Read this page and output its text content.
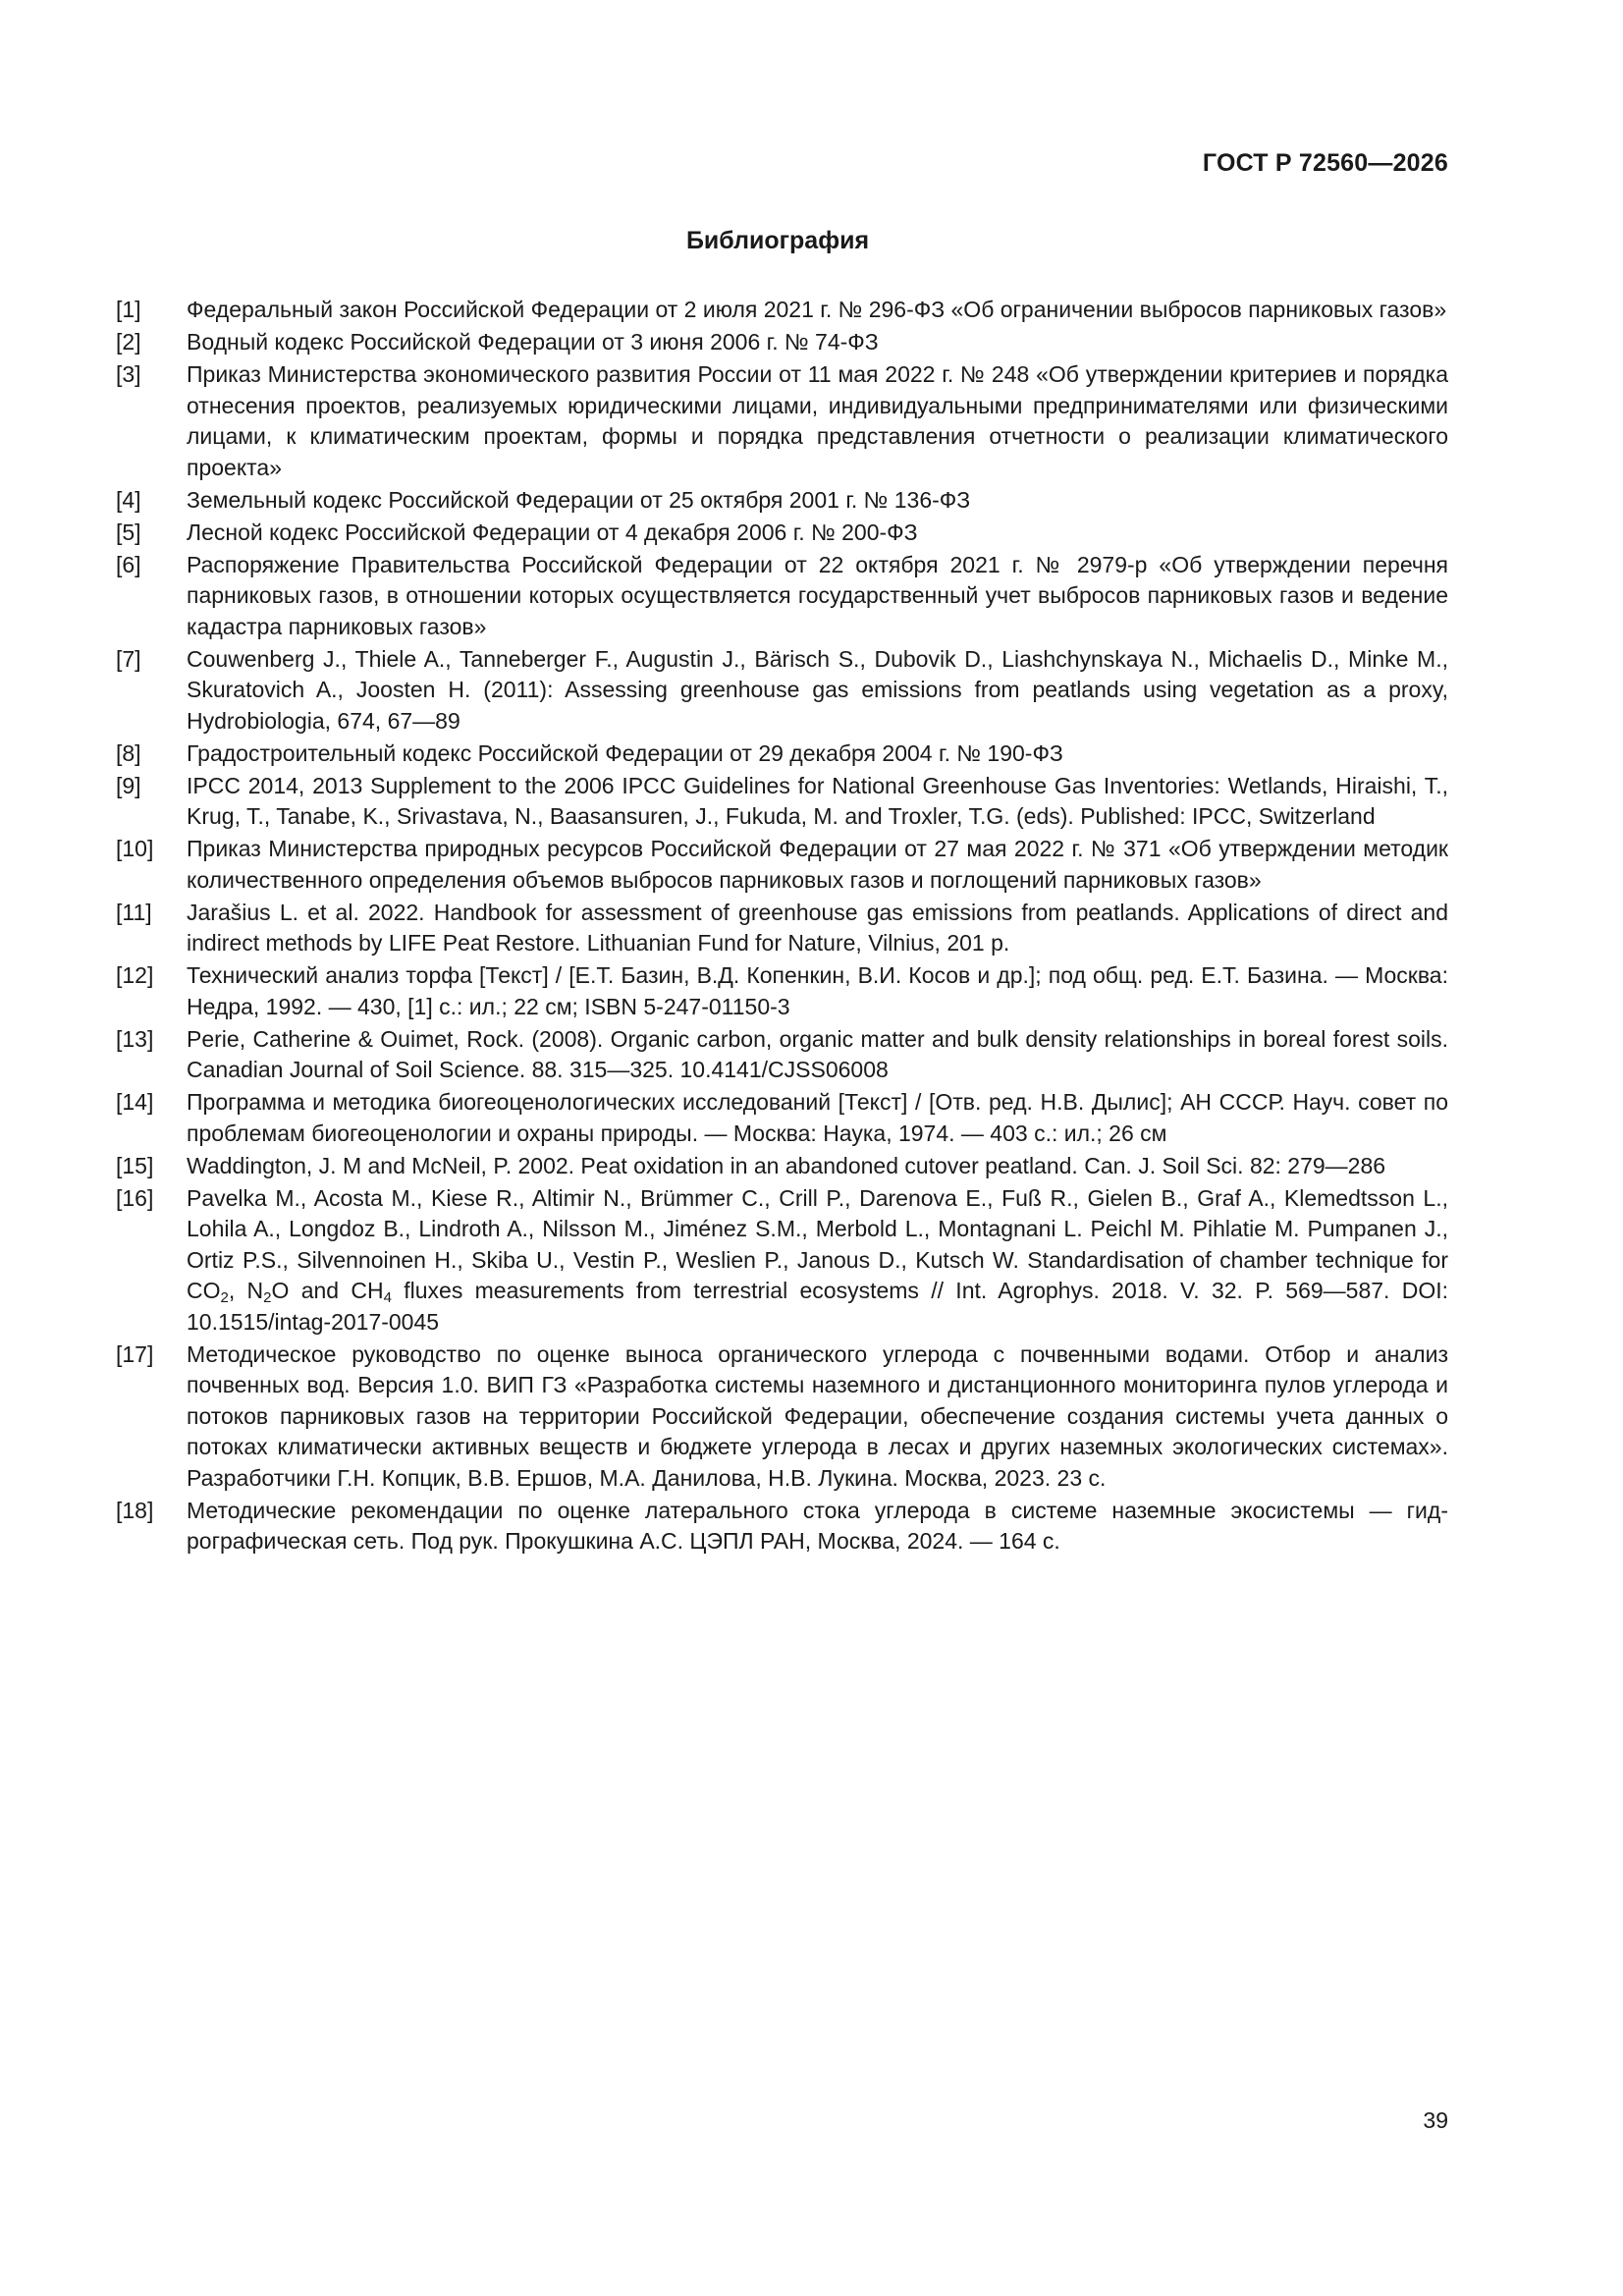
ГОСТ Р 72560—2026
Библиография
[1]	Федеральный закон Российской Федерации от 2 июля 2021 г. № 296-ФЗ «Об ограничении выбросов парниковых газов»
[2]	Водный кодекс Российской Федерации от 3 июня 2006 г. № 74-ФЗ
[3]	Приказ Министерства экономического развития России от 11 мая 2022 г. № 248 «Об утверждении критериев и порядка отнесения проектов, реализуемых юридическими лицами, индивидуальными предпринимателями или физическими лицами, к климатическим проектам, формы и порядка представления отчетности о реализации климатического проекта»
[4]	Земельный кодекс Российской Федерации от 25 октября 2001 г. № 136-ФЗ
[5]	Лесной кодекс Российской Федерации от 4 декабря 2006 г. № 200-ФЗ
[6]	Распоряжение Правительства Российской Федерации от 22 октября 2021 г. № 2979-р «Об утверждении перечня парниковых газов, в отношении которых осуществляется государственный учет выбросов парниковых газов и ведение кадастра парниковых газов»
[7]	Couwenberg J., Thiele A., Tanneberger F., Augustin J., Bärisch S., Dubovik D., Liashchynskaya N., Michaelis D., Minke M., Skuratovich A., Joosten H. (2011): Assessing greenhouse gas emissions from peatlands using vegetation as a proxy, Hydrobiologia, 674, 67—89
[8]	Градостроительный кодекс Российской Федерации от 29 декабря 2004 г. № 190-ФЗ
[9]	IPCC 2014, 2013 Supplement to the 2006 IPCC Guidelines for National Greenhouse Gas Inventories: Wetlands, Hiraishi, T., Krug, T., Tanabe, K., Srivastava, N., Baasansuren, J., Fukuda, M. and Troxler, T.G. (eds). Published: IPCC, Switzerland
[10]	Приказ Министерства природных ресурсов Российской Федерации от 27 мая 2022 г. № 371 «Об утверждении методик количественного определения объемов выбросов парниковых газов и поглощений парниковых газов»
[11]	Jarašius L. et al. 2022. Handbook for assessment of greenhouse gas emissions from peatlands. Applications of direct and indirect methods by LIFE Peat Restore. Lithuanian Fund for Nature, Vilnius, 201 p.
[12]	Технический анализ торфа [Текст] / [Е.Т. Базин, В.Д. Копенкин, В.И. Косов и др.]; под общ. ред. Е.Т. Базина. — Москва: Недра, 1992. — 430, [1] с.: ил.; 22 см; ISBN 5-247-01150-3
[13]	Perie, Catherine & Ouimet, Rock. (2008). Organic carbon, organic matter and bulk density relationships in boreal forest soils. Canadian Journal of Soil Science. 88. 315—325. 10.4141/CJSS06008
[14]	Программа и методика биогеоценологических исследований [Текст] / [Отв. ред. Н.В. Дылис]; АН СССР. Науч. совет по проблемам биогеоценологии и охраны природы. — Москва: Наука, 1974. — 403 с.: ил.; 26 см
[15]	Waddington, J. M and McNeil, P. 2002. Peat oxidation in an abandoned cutover peatland. Can. J. Soil Sci. 82: 279—286
[16]	Pavelka M., Acosta M., Kiese R., Altimir N., Brümmer C., Crill P., Darenova E., Fuß R., Gielen B., Graf A., Klemedtsson L., Lohila A., Longdoz B., Lindroth A., Nilsson M., Jiménez S.M., Merbold L., Montagnani L. Peichl M. Pihlatie M. Pumpanen J., Ortiz P.S., Silvennoinen H., Skiba U., Vestin P., Weslien P., Janous D., Kutsch W. Standardisation of chamber technique for $CO_2$, $N_2O$ and $CH_4$ fluxes measurements from terrestrial ecosystems // Int. Agrophys. 2018. V. 32. P. 569—587. DOI: 10.1515/intag-2017-0045
[17]	Методическое руководство по оценке выноса органического углерода с почвенными водами. Отбор и анализ почвенных вод. Версия 1.0. ВИП ГЗ «Разработка системы наземного и дистанционного мониторинга пулов углерода и потоков парниковых газов на территории Российской Федерации, обеспечение создания системы учета данных о потоках климатически активных веществ и бюджете углерода в лесах и других наземных экологических системах». Разработчики Г.Н. Копцик, В.В. Ершов, М.А. Данилова, Н.В. Лукина. Москва, 2023. 23 с.
[18]	Методические рекомендации по оценке латерального стока углерода в системе наземные экосистемы — гидрографическая сеть. Под рук. Прокушкина А.С. ЦЭПЛ РАН, Москва, 2024. — 164 с.
39
